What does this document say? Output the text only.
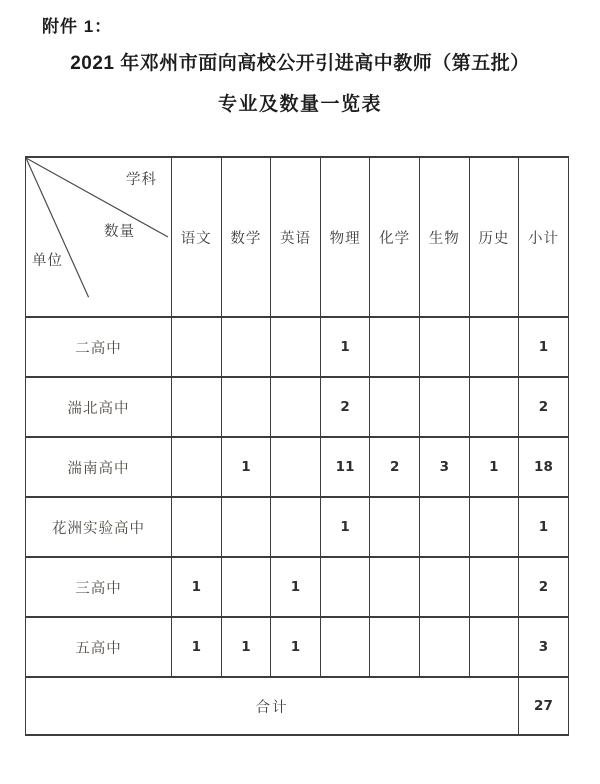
附件 1：
2021 年邓州市面向高校公开引进高中教师（第五批）
专业及数量一览表
学科
数量
单位	语文	数学	英语	物理	化学	生物	历史	小计
二高中				1				1
湍北高中				2				2
湍南高中		1		11	2	3	1	18
花洲实验高中				1				1
三高中	1		1					2
五高中	1	1	1					3
合计								27
